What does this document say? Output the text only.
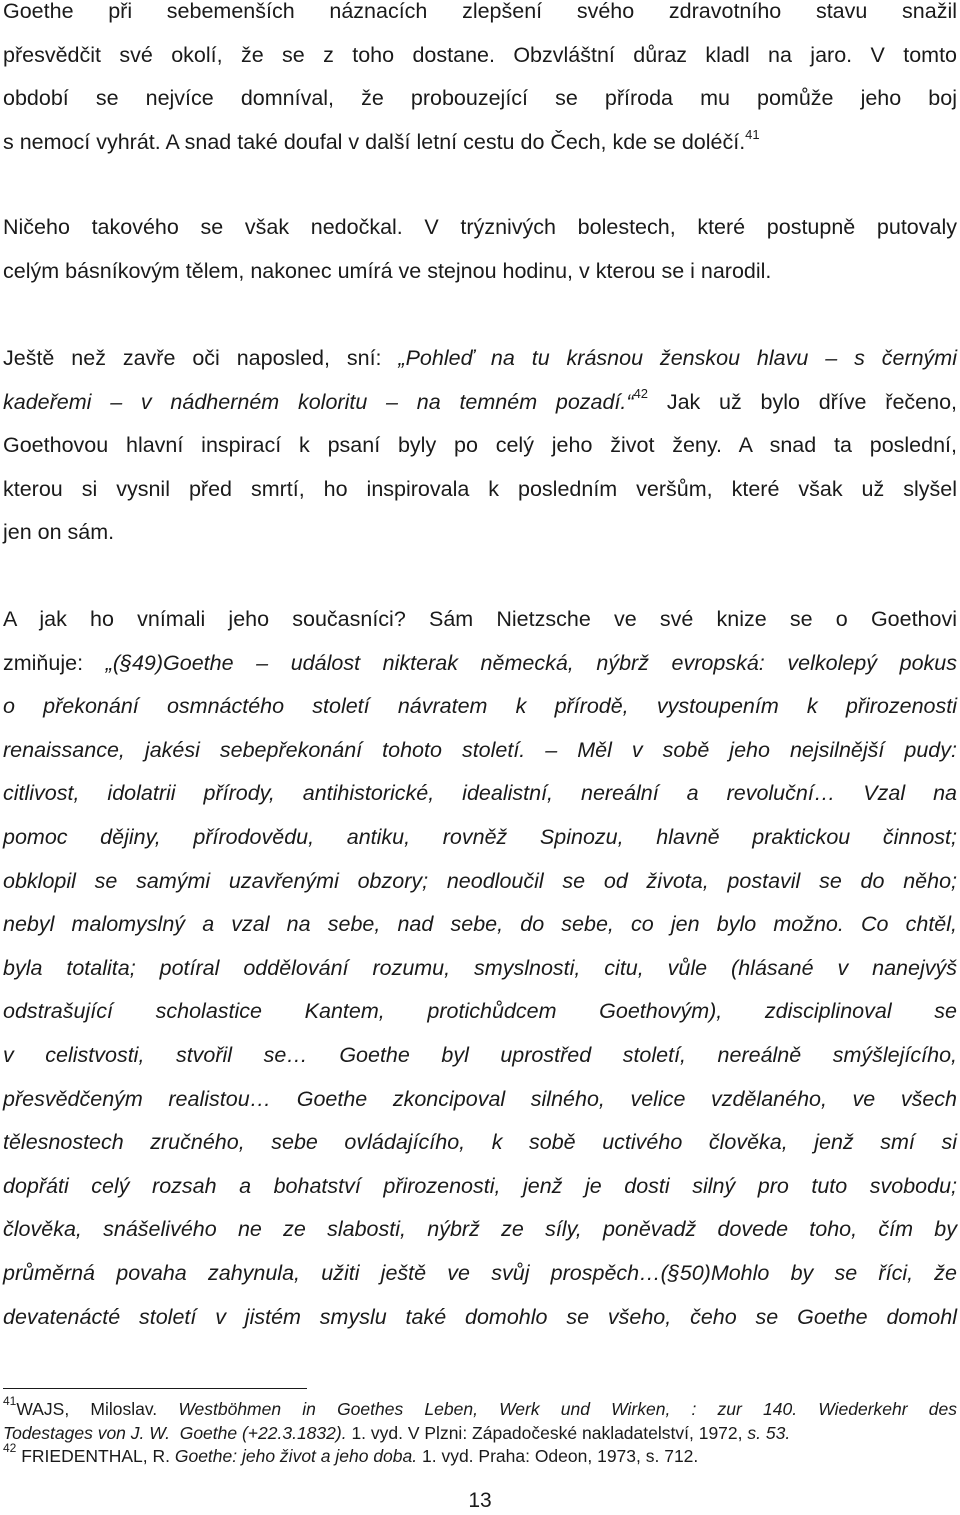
Goethe při sebemenších náznacích zlepšení svého zdravotního stavu snažil
přesvědčit své okolí, že se z toho dostane. Obzvláštní důraz kladl na jaro. V tomto
období se nejvíce domníval, že probouzející se příroda mu pomůže jeho boj
s nemocí vyhrát. A snad také doufal v další letní cestu do Čech, kde se doléčí.$^{41}$
Ničeho takového se však nedočkal. V trýznivých bolestech, které postupně putovaly
celým básníkovým tělem, nakonec umírá ve stejnou hodinu, v kterou se i narodil.
Ještě než zavře oči naposled, sní: „Pohleď na tu krásnou ženskou hlavu – s černými
kadeřemi – v nádherném koloritu – na temném pozadí.“$^{42}$ Jak už bylo dříve řečeno,
Goethovou hlavní inspirací k psaní byly po celý jeho život ženy. A snad ta poslední,
kterou si vysnil před smrtí, ho inspirovala k posledním veršům, které však už slyšel
jen on sám.
A jak ho vnímali jeho současníci? Sám Nietzsche ve své knize se o Goethovi
zmiňuje: „(§49)Goethe – událost nikterak německá, nýbrž evropská: velkolepý pokus
o překonání osmnáctého století návratem k přírodě, vystoupením k přirozenosti
renaissance, jakési sebepřekonání tohoto století. – Měl v sobě jeho nejsilnější pudy:
citlivost, idolatrii přírody, antihistorické, idealistní, nereální a revoluční… Vzal na
pomoc dějiny, přírodovědu, antiku, rovněž Spinozu, hlavně praktickou činnost;
obklopil se samými uzavřenými obzory; neodloučil se od života, postavil se do něho;
nebyl malomyslný a vzal na sebe, nad sebe, do sebe, co jen bylo možno. Co chtěl,
byla totalita; potíral oddělování rozumu, smyslnosti, citu, vůle (hlásané v nanejvýš
odstrašující scholastice Kantem, protichůdcem Goethovým), zdisciplinoval se
v celistvosti, stvořil se… Goethe byl uprostřed století, nereálně smýšlejícího,
přesvědčeným realistou… Goethe zkoncipoval silného, velice vzdělaného, ve všech
tělesnostech zručného, sebe ovládajícího, k sobě uctivého člověka, jenž smí si
dopřáti celý rozsah a bohatství přirozenosti, jenž je dosti silný pro tuto svobodu;
člověka, snášelivého ne ze slabosti, nýbrž ze síly, poněvadž dovede toho, čím by
průměrná povaha zahynula, užiti ještě ve svůj prospěch…(§50)Mohlo by se říci, že
devatenácté století v jistém smyslu také domohlo se všeho, čeho se Goethe domohl
$^{41}$WAJS, Miloslav. Westböhmen in Goethes Leben, Werk und Wirken, : zur 140. Wiederkehr des
Todestages von J. W.  Goethe (+22.3.1832). 1. vyd. V Plzni: Západočeské nakladatelství, 1972, s. 53.
$^{42}$ FRIEDENTHAL, R. Goethe: jeho život a jeho doba. 1. vyd. Praha: Odeon, 1973, s. 712.
13
